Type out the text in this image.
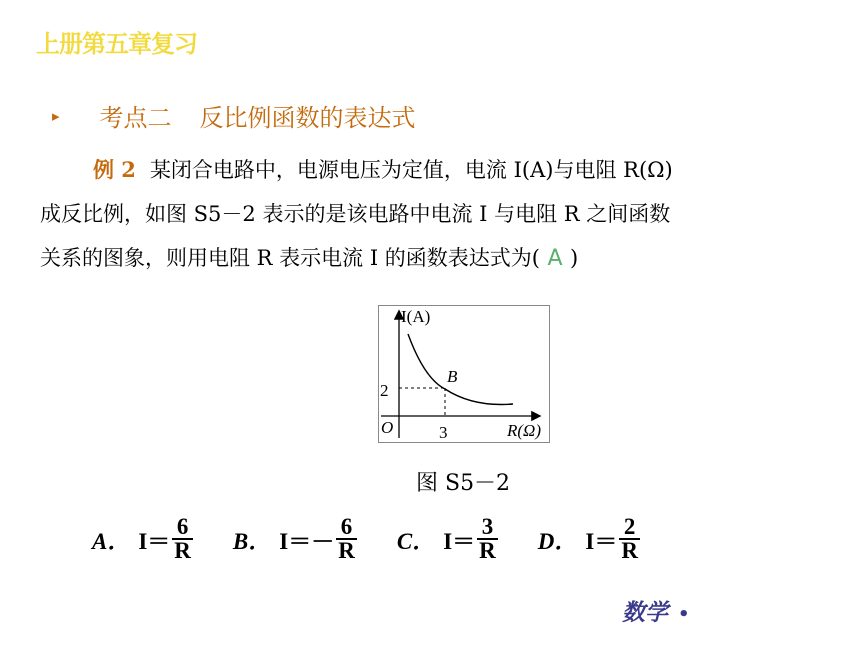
上册第五章复习
▸ 考点二 反比例函数的表达式
例 2 某闭合电路中，电源电压为定值，电流 I(A)与电阻 R(Ω)
成反比例，如图 S5－2 表示的是该电路中电流 I 与电阻 R 之间函数
关系的图象，则用电阻 R 表示电流 I 的函数表达式为( A )
I(A)
B
2
O	3	R(Ω)
图 S5－2
A． $I= \frac{6}{R}$ B． $I= - \frac{6}{R}$ C． $I= \frac{3}{R}$ D． $I= \frac{2}{R}$
数学 •
